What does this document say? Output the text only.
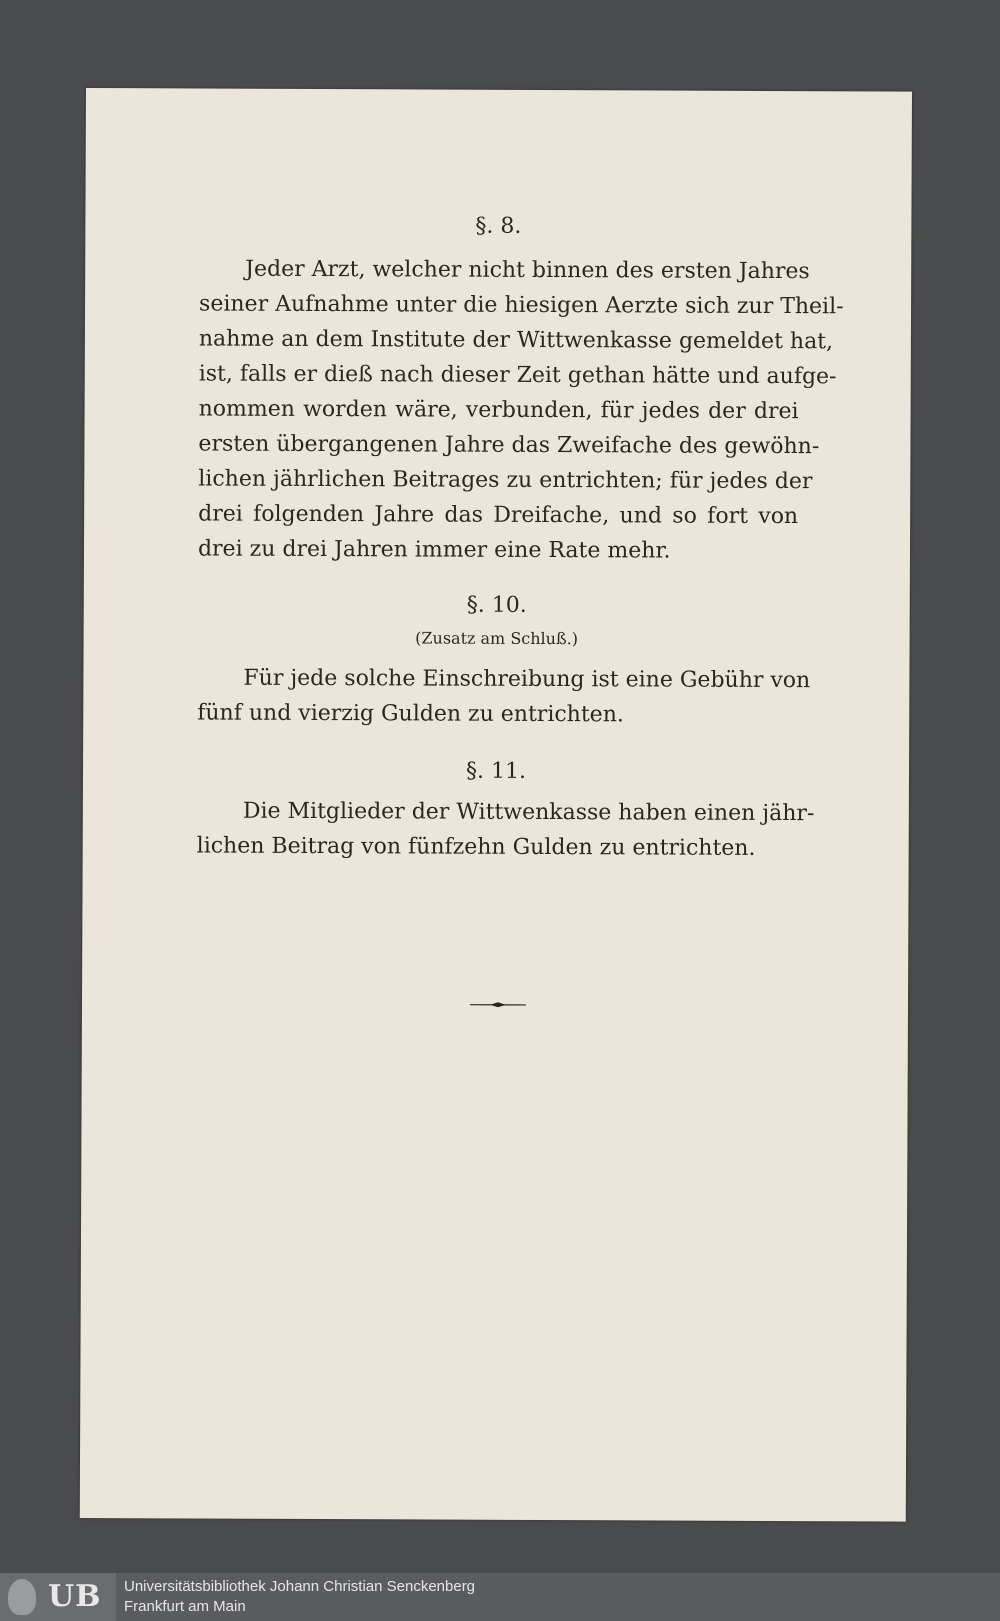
§. 8.
Jeder Arzt, welcher nicht binnen des ersten Jahres
seiner Aufnahme unter die hiesigen Aerzte sich zur Theil-
nahme an dem Institute der Wittwenkasse gemeldet hat,
ist, falls er dieß nach dieser Zeit gethan hätte und aufge-
nommen worden wäre, verbunden, für jedes der drei
ersten übergangenen Jahre das Zweifache des gewöhn-
lichen jährlichen Beitrages zu entrichten; für jedes der
drei folgenden Jahre das Dreifache, und so fort von
drei zu drei Jahren immer eine Rate mehr.
§. 10.
(Zusatz am Schluß.)
Für jede solche Einschreibung ist eine Gebühr von
fünf und vierzig Gulden zu entrichten.
§. 11.
Die Mitglieder der Wittwenkasse haben einen jähr-
lichen Beitrag von fünfzehn Gulden zu entrichten.
UB Universitätsbibliothek Johann Christian Senckenberg
Frankfurt am Main
